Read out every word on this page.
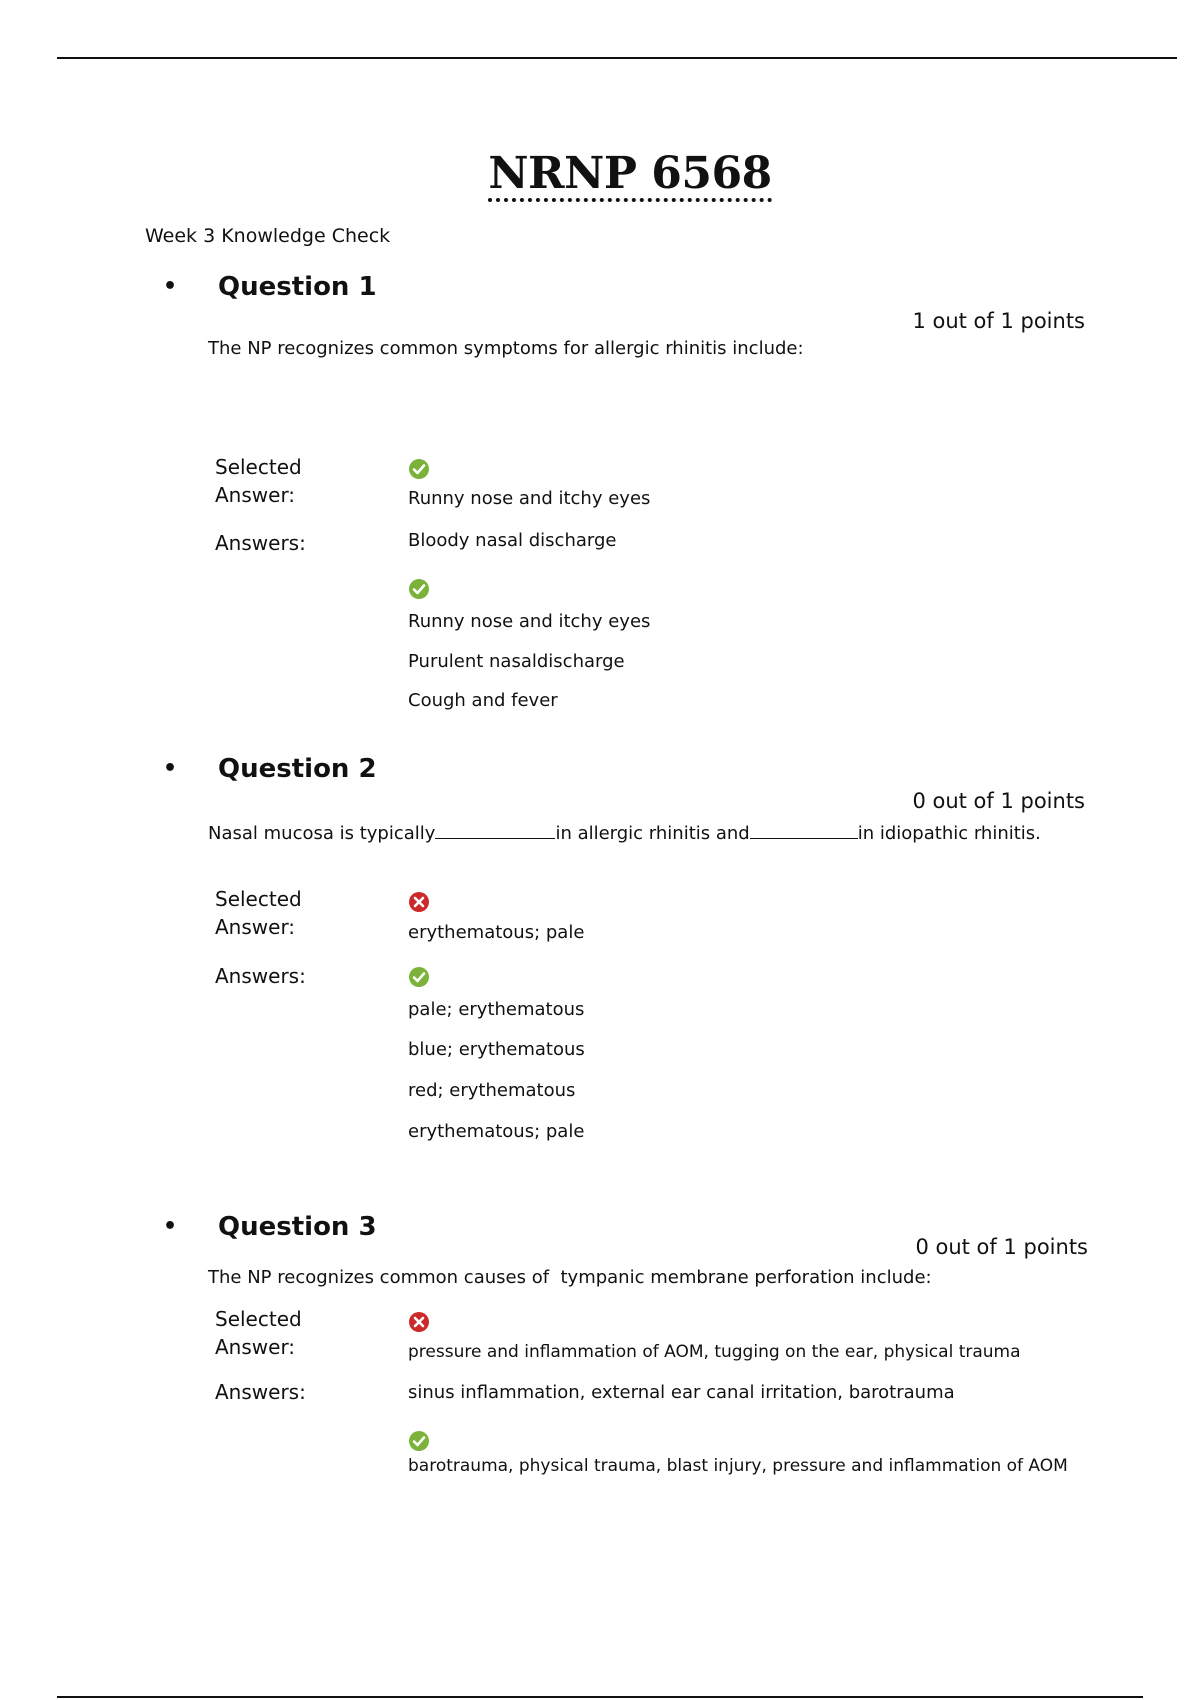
NRNP 6568
Week 3 Knowledge Check
• Question 1
1 out of 1 points
The NP recognizes common symptoms for allergic rhinitis include:
Selected
Answer:	Runny nose and itchy eyes
Answers:	Bloody nasal discharge
Runny nose and itchy eyes
Purulent nasaldischarge
Cough and fever
• Question 2
0 out of 1 points
Nasal mucosa is typically	in allergic rhinitis and	in idiopathic rhinitis.
Selected
Answer:	erythematous; pale
Answers:
pale; erythematous
blue; erythematous
red; erythematous
erythematous; pale
• Question 3
0 out of 1 points
The NP recognizes common causes of  tympanic membrane perforation include:
Selected
Answer:	pressure and inflammation of AOM, tugging on the ear, physical trauma
Answers:	sinus inflammation, external ear canal irritation, barotrauma
barotrauma, physical trauma, blast injury, pressure and inflammation of AOM
